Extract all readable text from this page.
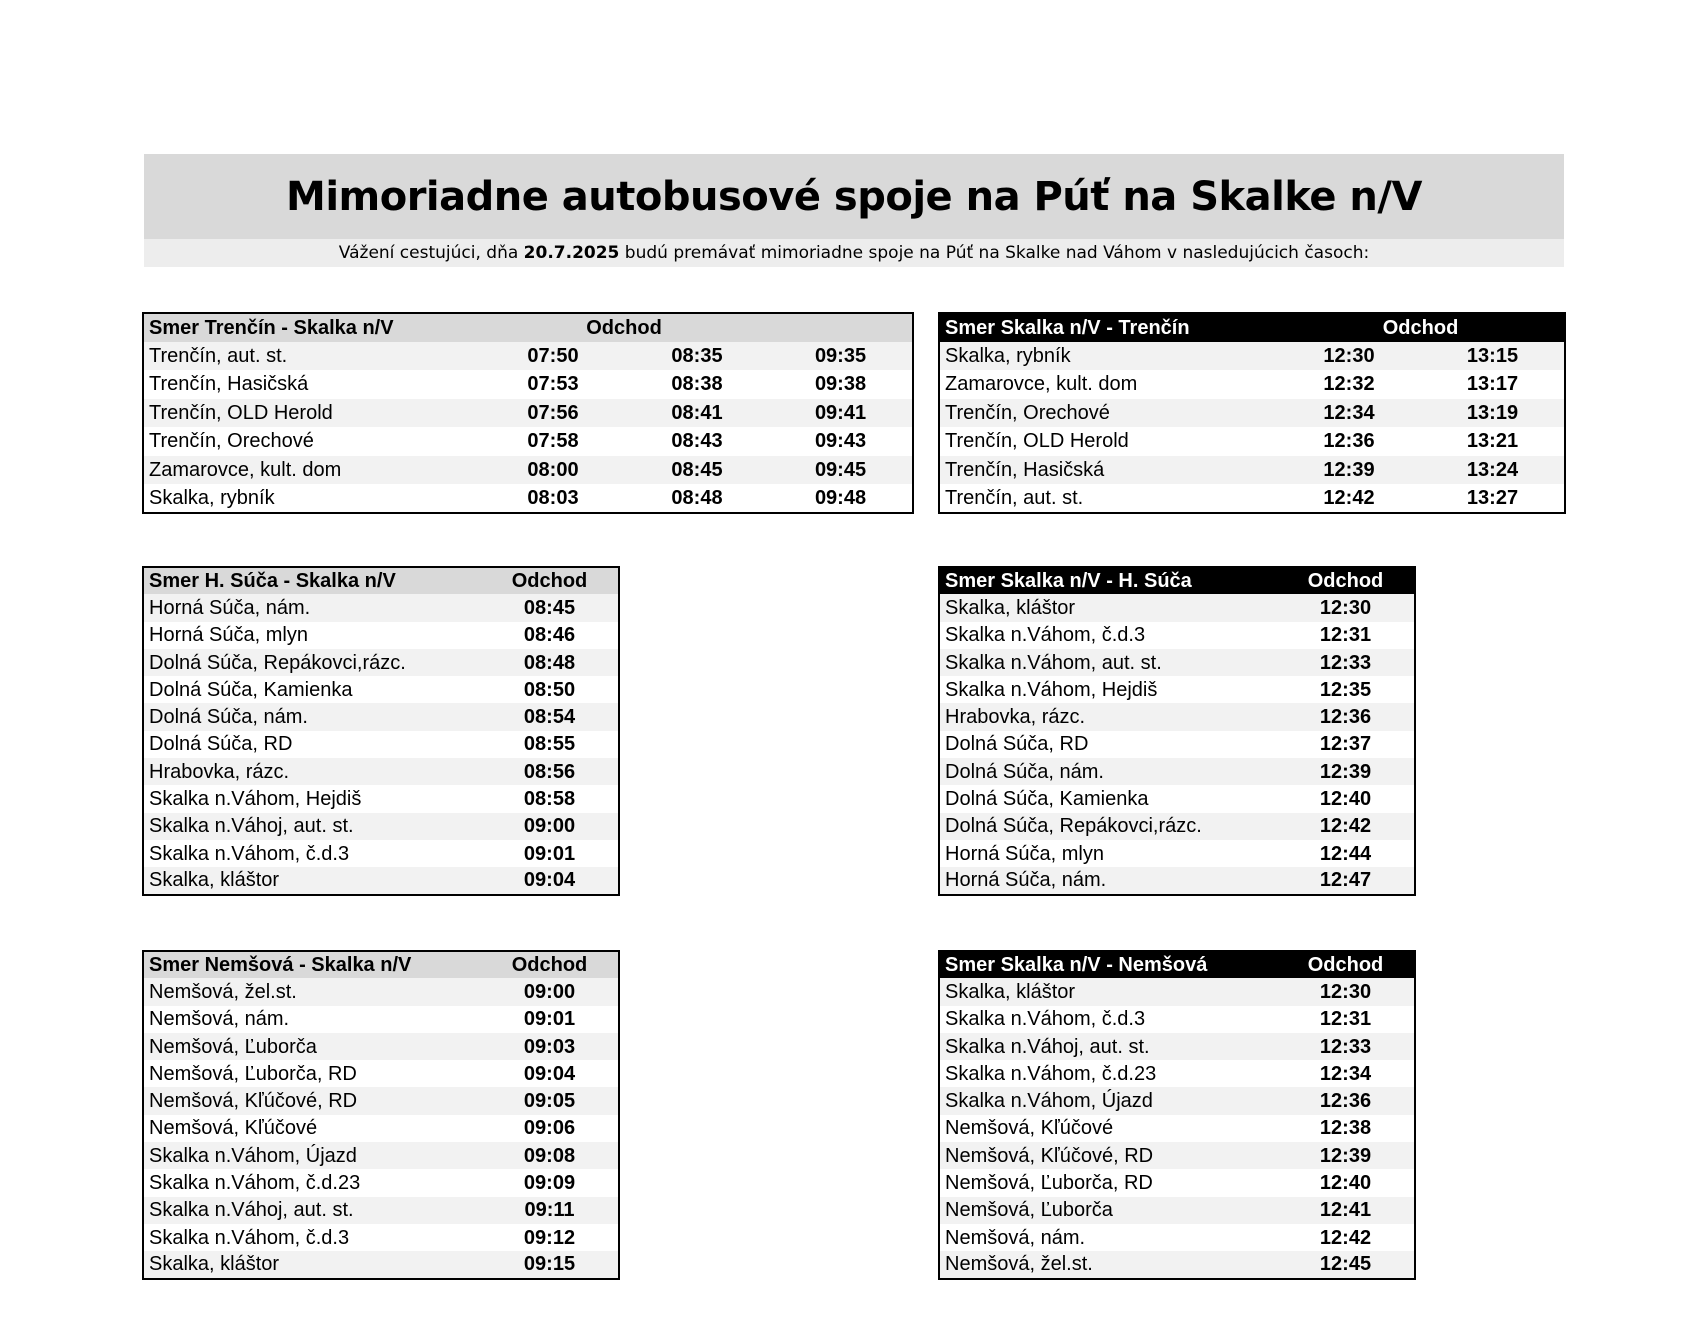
Mimoriadne autobusové spoje na Púť na Skalke n/V
Vážení cestujúci, dňa 20.7.2025 budú premávať mimoriadne spoje na Púť na Skalke nad Váhom v nasledujúcich časoch:
Smer Trenčín - Skalka n/V	Odchod		
Trenčín, aut. st.	07:50	08:35	09:35
Trenčín, Hasičská	07:53	08:38	09:38
Trenčín, OLD Herold	07:56	08:41	09:41
Trenčín, Orechové	07:58	08:43	09:43
Zamarovce, kult. dom	08:00	08:45	09:45
Skalka, rybník	08:03	08:48	09:48
Smer Skalka n/V - Trenčín	Odchod	
Skalka, rybník	12:30	13:15
Zamarovce, kult. dom	12:32	13:17
Trenčín, Orechové	12:34	13:19
Trenčín, OLD Herold	12:36	13:21
Trenčín, Hasičská	12:39	13:24
Trenčín, aut. st.	12:42	13:27
Smer H. Súča - Skalka n/V	Odchod
Horná Súča, nám.	08:45
Horná Súča, mlyn	08:46
Dolná Súča, Repákovci,rázc.	08:48
Dolná Súča, Kamienka	08:50
Dolná Súča, nám.	08:54
Dolná Súča, RD	08:55
Hrabovka, rázc.	08:56
Skalka n.Váhom, Hejdiš	08:58
Skalka n.Váhoj, aut. st.	09:00
Skalka n.Váhom, č.d.3	09:01
Skalka, kláštor	09:04
Smer Skalka n/V - H. Súča	Odchod
Skalka, kláštor	12:30
Skalka n.Váhom, č.d.3	12:31
Skalka n.Váhom, aut. st.	12:33
Skalka n.Váhom, Hejdiš	12:35
Hrabovka, rázc.	12:36
Dolná Súča, RD	12:37
Dolná Súča, nám.	12:39
Dolná Súča, Kamienka	12:40
Dolná Súča, Repákovci,rázc.	12:42
Horná Súča, mlyn	12:44
Horná Súča, nám.	12:47
Smer Nemšová - Skalka n/V	Odchod
Nemšová, žel.st.	09:00
Nemšová, nám.	09:01
Nemšová, Ľuborča	09:03
Nemšová, Ľuborča, RD	09:04
Nemšová, Kľúčové, RD	09:05
Nemšová, Kľúčové	09:06
Skalka n.Váhom, Újazd	09:08
Skalka n.Váhom, č.d.23	09:09
Skalka n.Váhoj, aut. st.	09:11
Skalka n.Váhom, č.d.3	09:12
Skalka, kláštor	09:15
Smer Skalka n/V - Nemšová	Odchod
Skalka, kláštor	12:30
Skalka n.Váhom, č.d.3	12:31
Skalka n.Váhoj, aut. st.	12:33
Skalka n.Váhom, č.d.23	12:34
Skalka n.Váhom, Újazd	12:36
Nemšová, Kľúčové	12:38
Nemšová, Kľúčové, RD	12:39
Nemšová, Ľuborča, RD	12:40
Nemšová, Ľuborča	12:41
Nemšová, nám.	12:42
Nemšová, žel.st.	12:45
